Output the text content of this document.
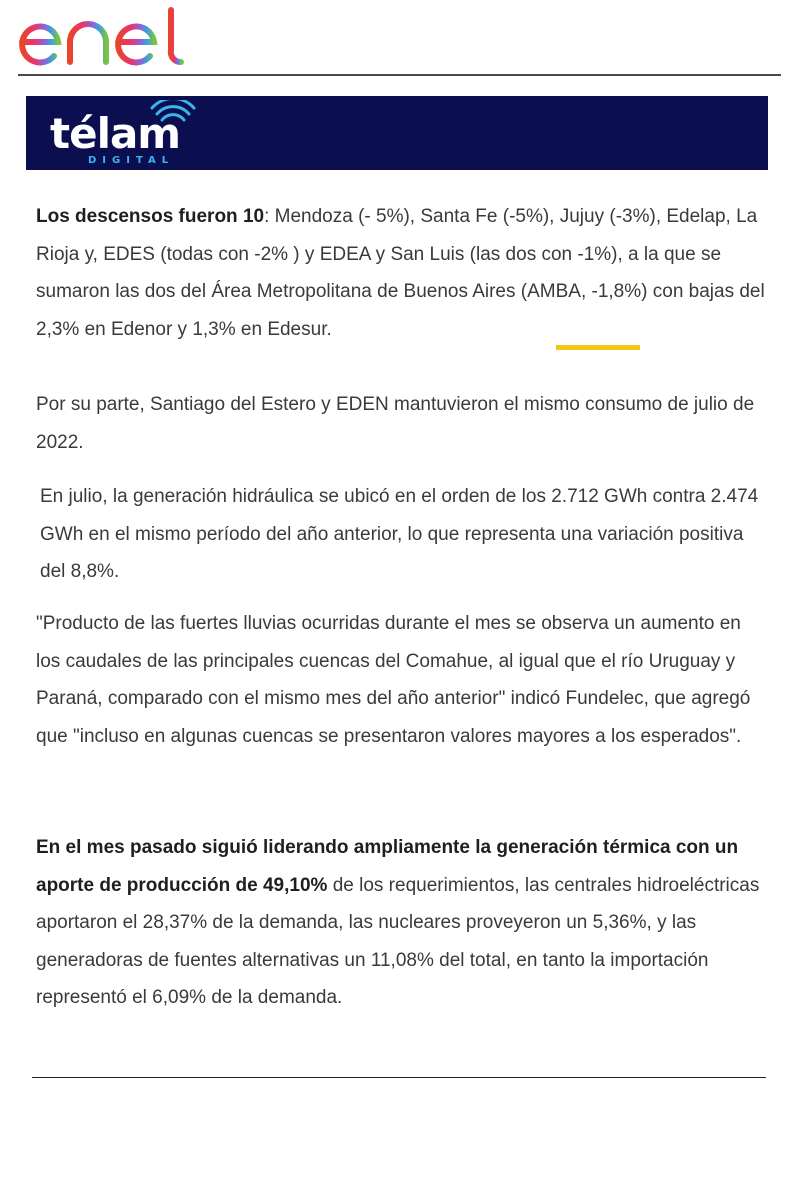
télam
DIGITAL

Los descensos fueron 10: Mendoza (- 5%), Santa Fe (-5%), Jujuy (-3%), Edelap, La Rioja y, EDES (todas con -2% ) y EDEA y San Luis (las dos con -1%), a la que se sumaron las dos del Área Metropolitana de Buenos Aires (AMBA, -1,8%) con bajas del 2,3% en Edenor y 1,3% en Edesur.

Por su parte, Santiago del Estero y EDEN mantuvieron el mismo consumo de julio de 2022.

En julio, la generación hidráulica se ubicó en el orden de los 2.712 GWh contra 2.474 GWh en el mismo período del año anterior, lo que representa una variación positiva del 8,8%.

"Producto de las fuertes lluvias ocurridas durante el mes se observa un aumento en los caudales de las principales cuencas del Comahue, al igual que el río Uruguay y Paraná, comparado con el mismo mes del año anterior" indicó Fundelec, que agregó que "incluso en algunas cuencas se presentaron valores mayores a los esperados".

En el mes pasado siguió liderando ampliamente la generación térmica con un aporte de producción de 49,10% de los requerimientos, las centrales hidroeléctricas aportaron el 28,37% de la demanda, las nucleares proveyeron un 5,36%, y las generadoras de fuentes alternativas un 11,08% del total, en tanto la importación representó el 6,09% de la demanda.
